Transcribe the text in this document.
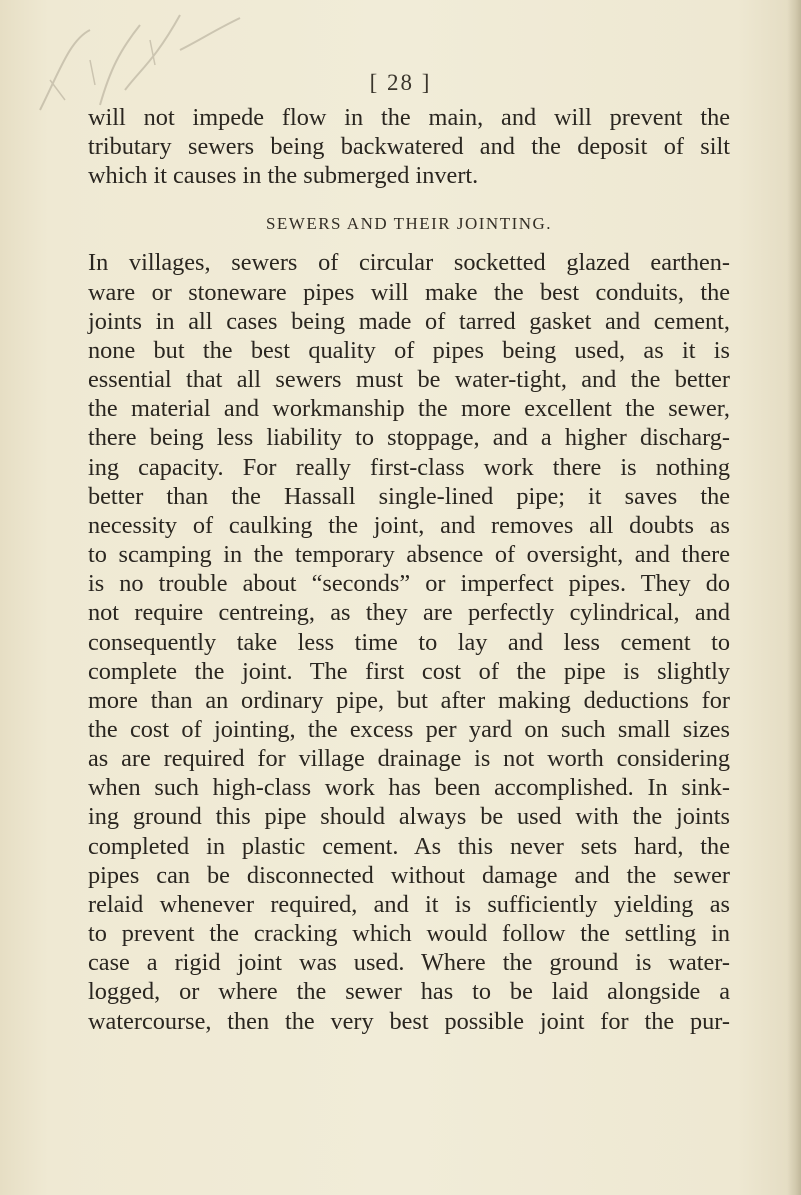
[ 28 ]
will not impede flow in the main, and will prevent the
tributary sewers being backwatered and the deposit of silt
which it causes in the submerged invert.
SEWERS AND THEIR JOINTING.
In villages, sewers of circular socketted glazed earthen-
ware or stoneware pipes will make the best conduits, the
joints in all cases being made of tarred gasket and cement,
none but the best quality of pipes being used, as it is
essential that all sewers must be water-tight, and the better
the material and workmanship the more excellent the sewer,
there being less liability to stoppage, and a higher discharg-
ing capacity. For really first-class work there is nothing
better than the Hassall single-lined pipe; it saves the
necessity of caulking the joint, and removes all doubts as
to scamping in the temporary absence of oversight, and there
is no trouble about “seconds” or imperfect pipes. They do
not require centreing, as they are perfectly cylindrical, and
consequently take less time to lay and less cement to
complete the joint. The first cost of the pipe is slightly
more than an ordinary pipe, but after making deductions for
the cost of jointing, the excess per yard on such small sizes
as are required for village drainage is not worth considering
when such high-class work has been accomplished. In sink-
ing ground this pipe should always be used with the joints
completed in plastic cement. As this never sets hard, the
pipes can be disconnected without damage and the sewer
relaid whenever required, and it is sufficiently yielding as
to prevent the cracking which would follow the settling in
case a rigid joint was used. Where the ground is water-
logged, or where the sewer has to be laid alongside a
watercourse, then the very best possible joint for the pur-
